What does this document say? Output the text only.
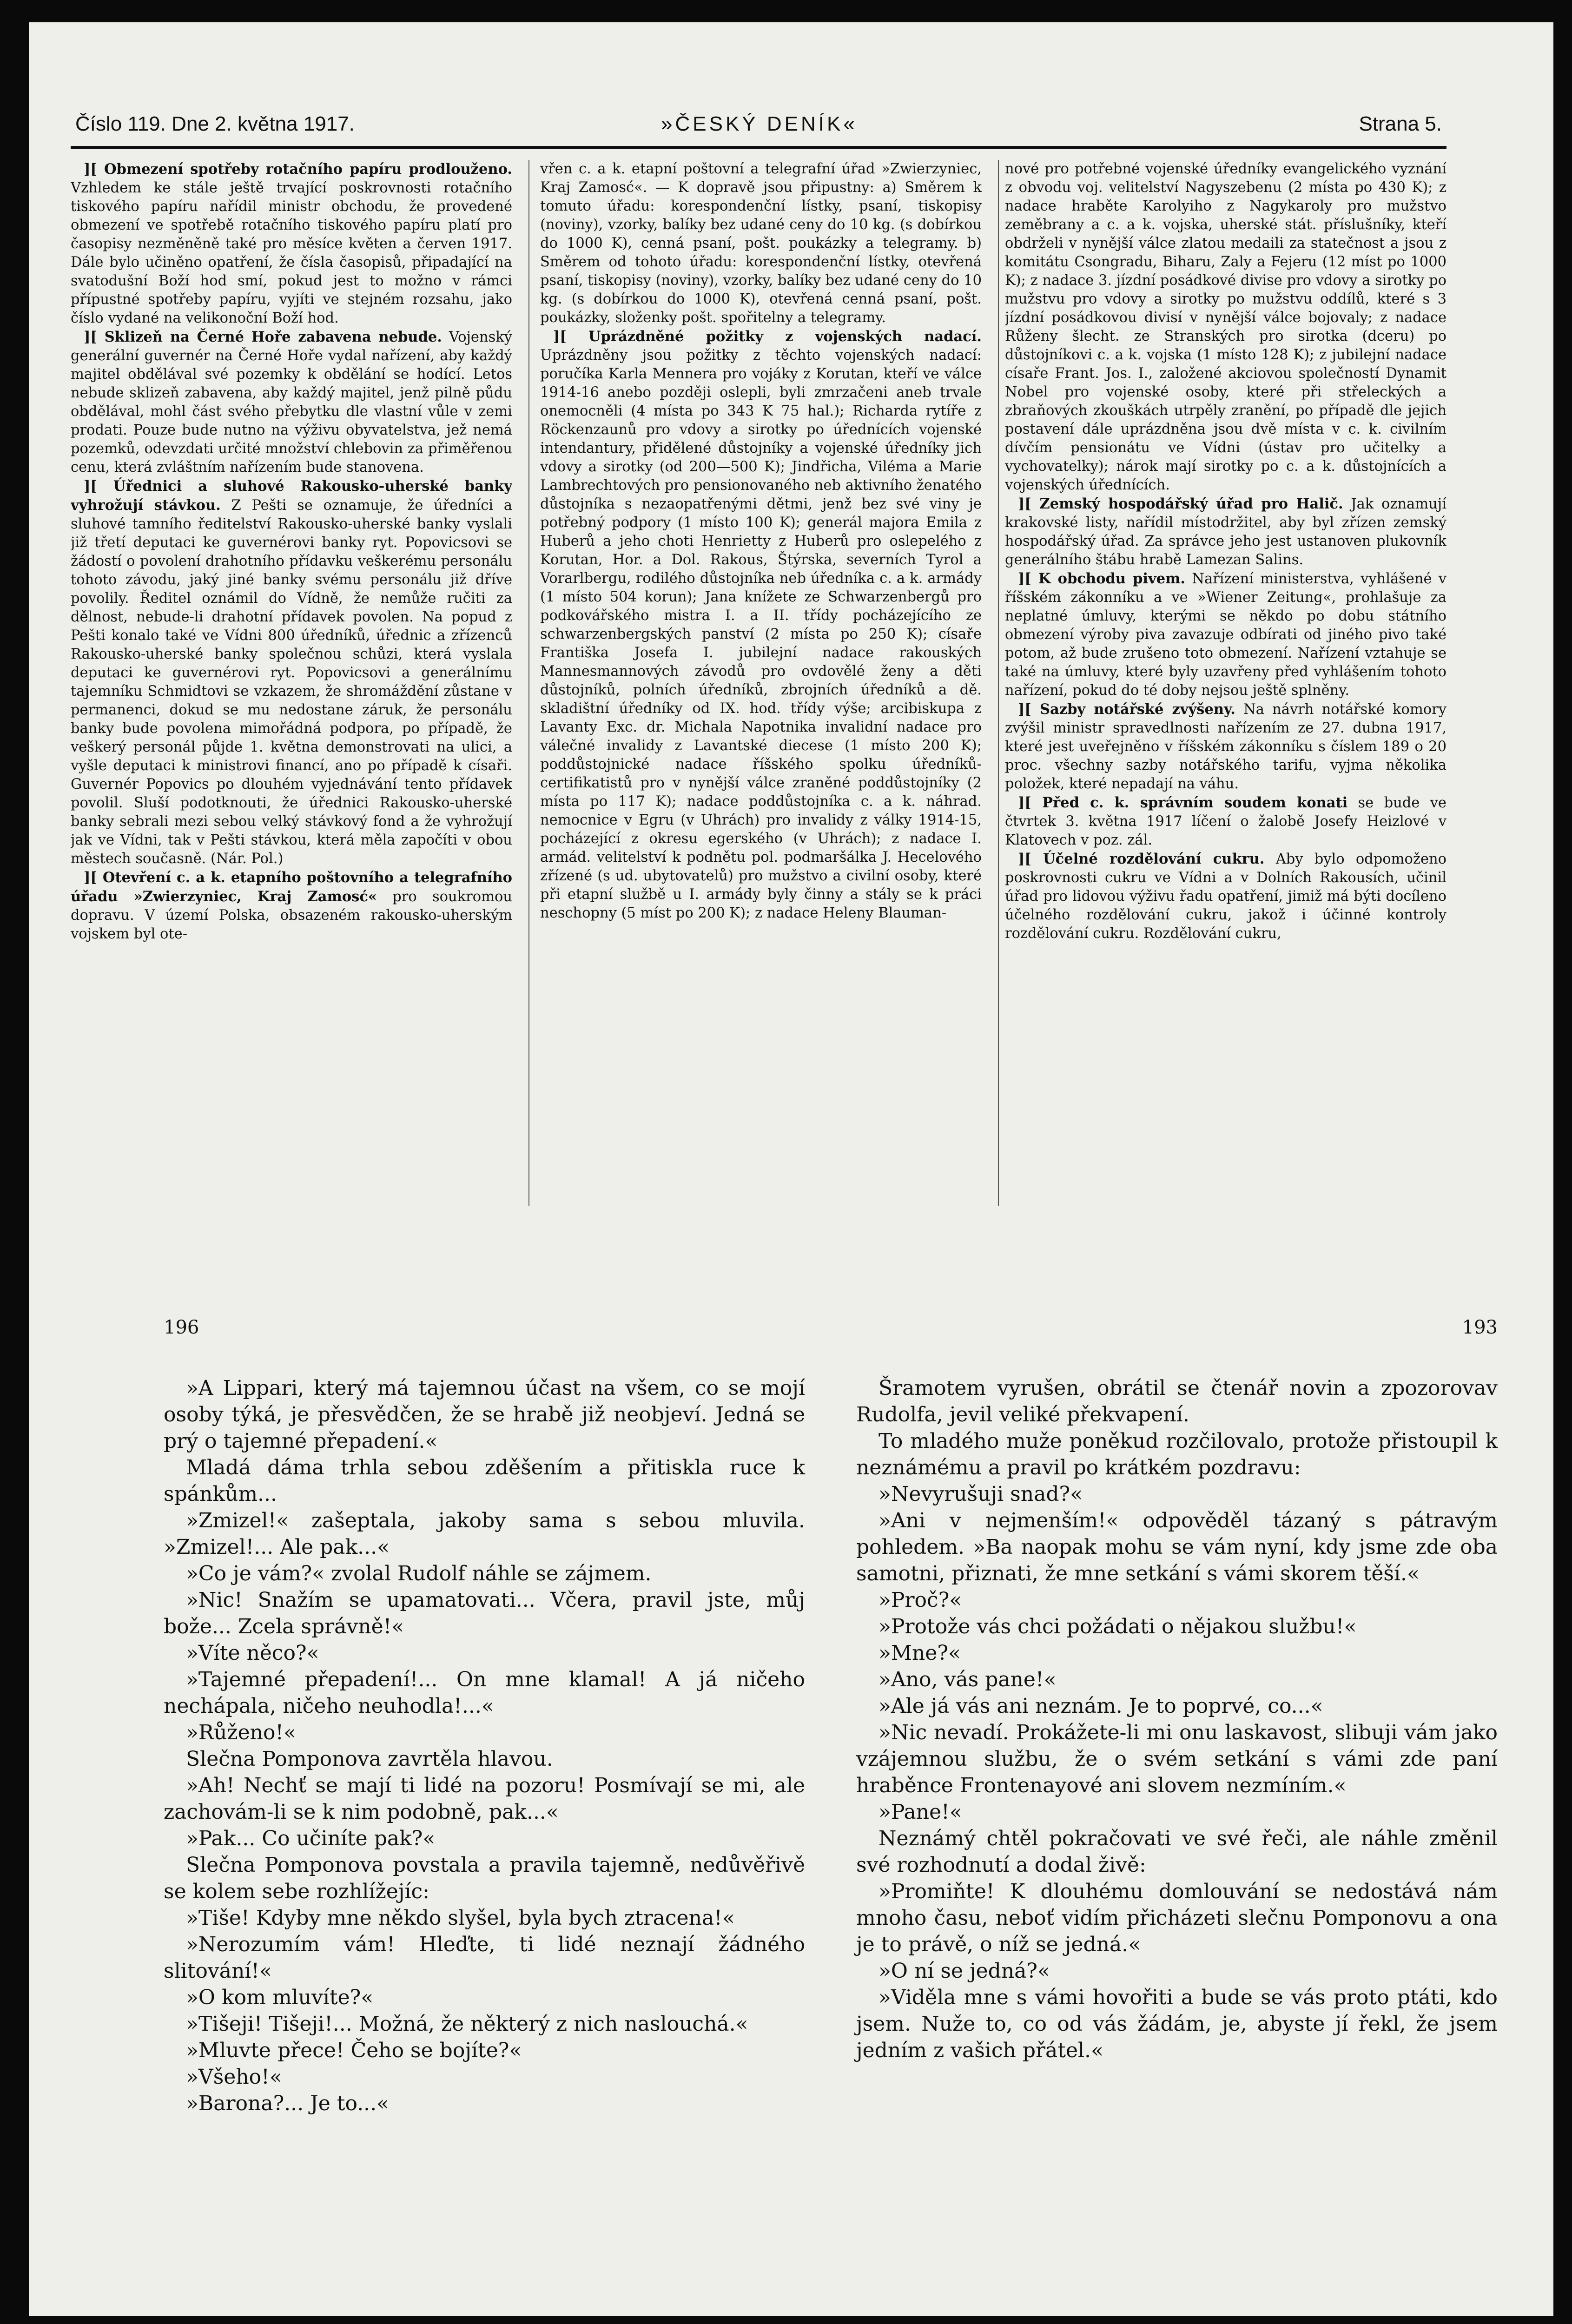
Číslo 119. Dne 2. května 1917.	»ČESKÝ DENÍK«	Strana 5.

][ Obmezení spotřeby rotačního papíru prodlouženo. Vzhledem ke stále ještě trvající poskrovnosti rotačního tiskového papíru nařídil ministr obchodu, že provedené obmezení ve spotřebě rotačního tiskového papíru platí pro časopisy nezměněně také pro měsíce květen a červen 1917. Dále bylo učiněno opatření, že čísla časopisů, připadající na svatodušní Boží hod smí, pokud jest to možno v rámci přípustné spotřeby papíru, vyjíti ve stejném rozsahu, jako číslo vydané na velikonoční Boží hod.

][ Sklizeň na Černé Hoře zabavena nebude. Vojenský generální guvernér na Černé Hoře vydal nařízení, aby každý majitel obdělával své pozemky k obdělání se hodící. Letos nebude sklizeň zabavena, aby každý majitel, jenž pilně půdu obdělával, mohl část svého přebytku dle vlastní vůle v zemi prodati. Pouze bude nutno na výživu obyvatelstva, jež nemá pozemků, odevzdati určité množství chlebovin za přiměřenou cenu, která zvláštním nařízením bude stanovena.

][ Úřednici a sluhové Rakousko-uherské banky vyhrožují stávkou. Z Pešti se oznamuje, že úředníci a sluhové tamního ředitelství Rakousko-uherské banky vyslali již třetí deputaci ke guvernérovi banky ryt. Popovicsovi se žádostí o povolení drahotního přídavku veškerému personálu tohoto závodu, jaký jiné banky svému personálu již dříve povolily. Ředitel oznámil do Vídně, že nemůže ručiti za dělnost, nebude-li drahotní přídavek povolen. Na popud z Pešti konalo také ve Vídni 800 úředníků, úřednic a zřízenců Rakousko-uherské banky společnou schůzi, která vyslala deputaci ke guvernérovi ryt. Popovicsovi a generálnímu tajemníku Schmidtovi se vzkazem, že shromáždění zůstane v permanenci, dokud se mu nedostane záruk, že personálu banky bude povolena mimořádná podpora, po případě, že veškerý personál půjde 1. května demonstrovati na ulici, a vyšle deputaci k ministrovi financí, ano po případě k císaři. Guvernér Popovics po dlouhém vyjednávání tento přídavek povolil. Sluší podotknouti, že úřednici Rakousko-uherské banky sebrali mezi sebou velký stávkový fond a že vyhrožují jak ve Vídni, tak v Pešti stávkou, která měla započíti v obou městech současně. (Nár. Pol.)

][ Otevření c. a k. etapního poštovního a telegrafního úřadu »Zwierzyniec, Kraj Zamosć« pro soukromou dopravu. V území Polska, obsazeném rakousko-uherským vojskem byl ote-

vřen c. a k. etapní poštovní a telegrafní úřad »Zwierzyniec, Kraj Zamosć«. — K dopravě jsou připustny: a) Směrem k tomuto úřadu: korespondenční lístky, psaní, tiskopisy (noviny), vzorky, balíky bez udané ceny do 10 kg. (s dobírkou do 1000 K), cenná psaní, pošt. poukázky a telegramy. b) Směrem od tohoto úřadu: korespondenční lístky, otevřená psaní, tiskopisy (noviny), vzorky, balíky bez udané ceny do 10 kg. (s dobírkou do 1000 K), otevřená cenná psaní, pošt. poukázky, složenky pošt. spořitelny a telegramy.

][ Uprázdněné požitky z vojenských nadací. Uprázdněny jsou požitky z těchto vojenských nadací: poručíka Karla Mennera pro vojáky z Korutan, kteří ve válce 1914-16 anebo později oslepli, byli zmrzačeni aneb trvale onemocněli (4 místa po 343 K 75 hal.); Richarda rytíře z Röckenzaunů pro vdovy a sirotky po úřednících vojenské intendantury, přidělené důstojníky a vojenské úředníky jich vdovy a sirotky (od 200—500 K); Jindřicha, Viléma a Marie Lambrechtových pro pensionovaného neb aktivního ženatého důstojníka s nezaopatřenými dětmi, jenž bez své viny je potřebný podpory (1 místo 100 K); generál majora Emila z Huberů a jeho choti Henrietty z Huberů pro oslepelého z Korutan, Hor. a Dol. Rakous, Štýrska, severních Tyrol a Vorarlbergu, rodilého důstojníka neb úředníka c. a k. armády (1 místo 504 korun); Jana knížete ze Schwarzenbergů pro podkovářského mistra I. a II. třídy pocházejícího ze schwarzenbergských panství (2 místa po 250 K); císaře Františka Josefa I. jubilejní nadace rakouských Mannesmannových závodů pro ovdovělé ženy a děti důstojníků, polních úředníků, zbrojních úředníků a dě. skladištní úředníky od IX. hod. třídy výše; arcibiskupa z Lavanty Exc. dr. Michala Napotnika invalidní nadace pro válečné invalidy z Lavantské diecese (1 místo 200 K); poddůstojnické nadace říšského spolku úředníků-certifikatistů pro v nynější válce zraněné poddůstojníky (2 místa po 117 K); nadace poddůstojníka c. a k. náhrad. nemocnice v Egru (v Uhrách) pro invalidy z války 1914-15, pocházející z okresu egerského (v Uhrách); z nadace I. armád. velitelství k podnětu pol. podmaršálka J. Hecelového zřízené (s ud. ubytovatelů) pro mužstvo a civilní osoby, které při etapní službě u I. armády byly činny a stály se k práci neschopny (5 míst po 200 K); z nadace Heleny Blauman-

nové pro potřebné vojenské úředníky evangelického vyznání z obvodu voj. velitelství Nagyszebenu (2 místa po 430 K); z nadace hraběte Karolyiho z Nagykaroly pro mužstvo zeměbrany a c. a k. vojska, uherské stát. příslušníky, kteří obdrželi v nynější válce zlatou medaili za statečnost a jsou z komitátu Csongradu, Biharu, Zaly a Fejeru (12 míst po 1000 K); z nadace 3. jízdní posádkové divise pro vdovy a sirotky po mužstvu pro vdovy a sirotky po mužstvu oddílů, které s 3 jízdní posádkovou divisí v nynější válce bojovaly; z nadace Růženy šlecht. ze Stranských pro sirotka (dceru) po důstojníkovi c. a k. vojska (1 místo 128 K); z jubilejní nadace císaře Frant. Jos. I., založené akciovou společností Dynamit Nobel pro vojenské osoby, které při střeleckých a zbraňových zkouškách utrpěly zranění, po případě dle jejich postavení dále uprázdněna jsou dvě místa v c. k. civilním dívčím pensionátu ve Vídni (ústav pro učitelky a vychovatelky); nárok mají sirotky po c. a k. důstojnících a vojenských úřednících.

][ Zemský hospodářský úřad pro Halič. Jak oznamují krakovské listy, nařídil místodržitel, aby byl zřízen zemský hospodářský úřad. Za správce jeho jest ustanoven plukovník generálního štábu hrabě Lamezan Salins.

][ K obchodu pivem. Nařízení ministerstva, vyhlášené v říšském zákonníku a ve »Wiener Zeitung«, prohlašuje za neplatné úmluvy, kterými se někdo po dobu státního obmezení výroby piva zavazuje odbírati od jiného pivo také potom, až bude zrušeno toto obmezení. Nařízení vztahuje se také na úmluvy, které byly uzavřeny před vyhlášením tohoto nařízení, pokud do té doby nejsou ještě splněny.

][ Sazby notářské zvýšeny. Na návrh notářské komory zvýšil ministr spravedlnosti nařízením ze 27. dubna 1917, které jest uveřejněno v říšském zákonníku s číslem 189 o 20 proc. všechny sazby notářského tarifu, vyjma několika položek, které nepadají na váhu.

][ Před c. k. správním soudem konati se bude ve čtvrtek 3. května 1917 líčení o žalobě Josefy Heizlové v Klatovech v poz. zál.

][ Účelné rozdělování cukru. Aby bylo odpomoženo poskrovnosti cukru ve Vídni a v Dolních Rakousích, učinil úřad pro lidovou výživu řadu opatření, jimiž má býti docíleno účelného rozdělování cukru, jakož i účinné kontroly rozdělování cukru. Rozdělování cukru,

196

»A Lippari, který má tajemnou účast na všem, co se mojí osoby týká, je přesvědčen, že se hrabě již neobjeví. Jedná se prý o tajemné přepadení.«

Mladá dáma trhla sebou zděšením a přitiskla ruce k spánkům...

»Zmizel!« zašeptala, jakoby sama s sebou mluvila. »Zmizel!... Ale pak...«

»Co je vám?« zvolal Rudolf náhle se zájmem.

»Nic! Snažím se upamatovati... Včera, pravil jste, můj bože... Zcela správně!«

»Víte něco?«

»Tajemné přepadení!... On mne klamal! A já ničeho nechápala, ničeho neuhodla!...«

»Růženo!«

Slečna Pomponova zavrtěla hlavou.

»Ah! Nechť se mají ti lidé na pozoru! Posmívají se mi, ale zachovám-li se k nim podobně, pak...«

»Pak... Co učiníte pak?«

Slečna Pomponova povstala a pravila tajemně, nedůvěřivě se kolem sebe rozhlížejíc:

»Tiše! Kdyby mne někdo slyšel, byla bych ztracena!«

»Nerozumím vám! Hleďte, ti lidé neznají žádného slitování!«

»O kom mluvíte?«

»Tišeji! Tišeji!... Možná, že některý z nich naslouchá.«

»Mluvte přece! Čeho se bojíte?«

»Všeho!«

»Barona?... Je to...«

193

Šramotem vyrušen, obrátil se čtenář novin a zpozorovav Rudolfa, jevil veliké překvapení.

To mladého muže poněkud rozčilovalo, protože přistoupil k neznámému a pravil po krátkém pozdravu:

»Nevyrušuji snad?«

»Ani v nejmenším!« odpověděl tázaný s pátravým pohledem. »Ba naopak mohu se vám nyní, kdy jsme zde oba samotni, přiznati, že mne setkání s vámi skorem těší.«

»Proč?«

»Protože vás chci požádati o nějakou službu!«

»Mne?«

»Ano, vás pane!«

»Ale já vás ani neznám. Je to poprvé, co...«

»Nic nevadí. Prokážete-li mi onu laskavost, slibuji vám jako vzájemnou službu, že o svém setkání s vámi zde paní hraběnce Frontenayové ani slovem nezmíním.«

»Pane!«

Neznámý chtěl pokračovati ve své řeči, ale náhle změnil své rozhodnutí a dodal živě:

»Promiňte! K dlouhému domlouvání se nedostává nám mnoho času, neboť vidím přicházeti slečnu Pomponovu a ona je to právě, o níž se jedná.«

»O ní se jedná?«

»Viděla mne s vámi hovořiti a bude se vás proto ptáti, kdo jsem. Nuže to, co od vás žádám, je, abyste jí řekl, že jsem jedním z vašich přátel.«
